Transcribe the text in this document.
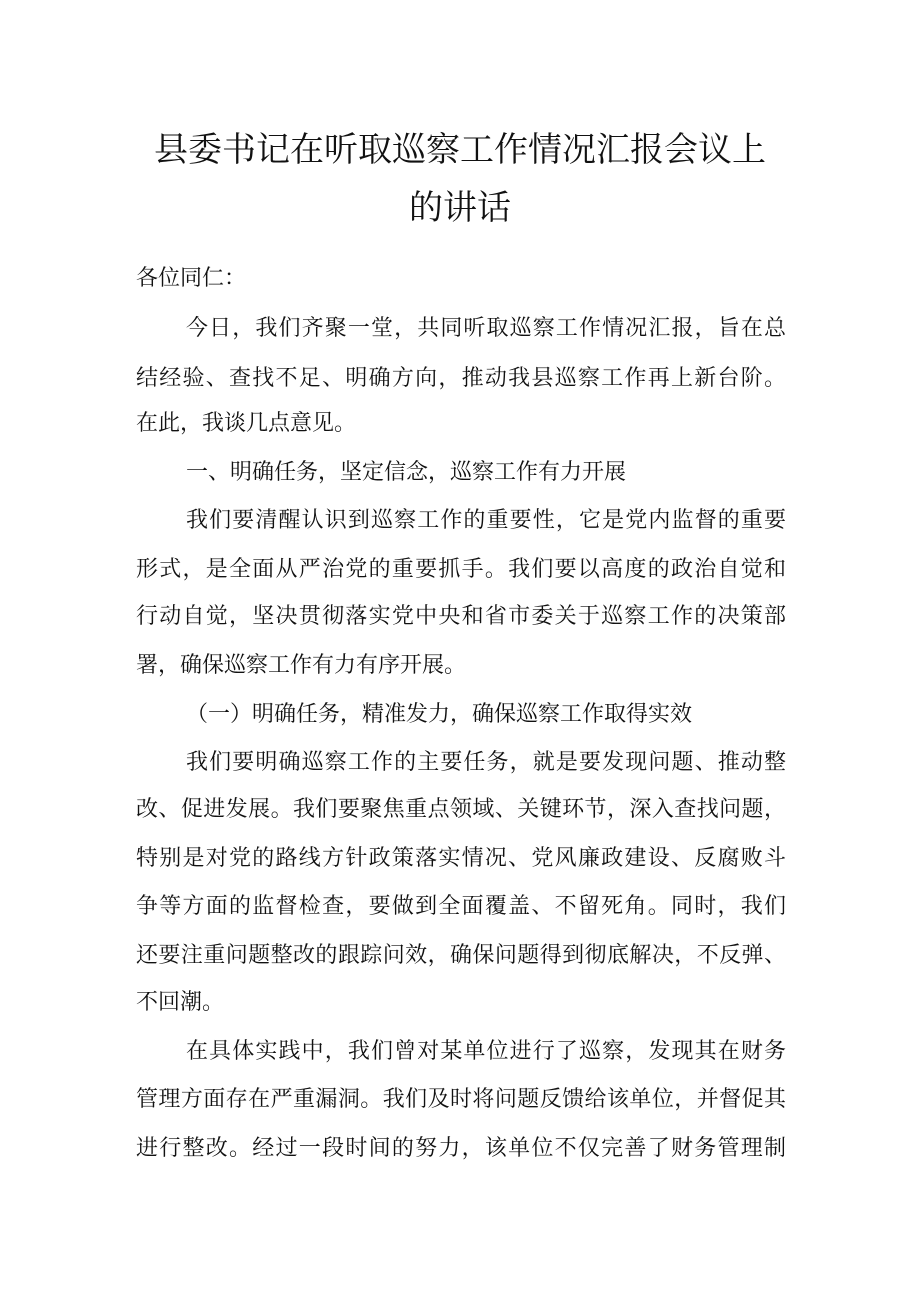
县委书记在听取巡察工作情况汇报会议上
的讲话

各位同仁：

今日，我们齐聚一堂，共同听取巡察工作情况汇报，旨在总

结经验、查找不足、明确方向，推动我县巡察工作再上新台阶。

在此，我谈几点意见。

一、明确任务，坚定信念，巡察工作有力开展

我们要清醒认识到巡察工作的重要性，它是党内监督的重要

形式，是全面从严治党的重要抓手。我们要以高度的政治自觉和

行动自觉，坚决贯彻落实党中央和省市委关于巡察工作的决策部

署，确保巡察工作有力有序开展。

（一）明确任务，精准发力，确保巡察工作取得实效

我们要明确巡察工作的主要任务，就是要发现问题、推动整

改、促进发展。我们要聚焦重点领域、关键环节，深入查找问题，

特别是对党的路线方针政策落实情况、党风廉政建设、反腐败斗

争等方面的监督检查，要做到全面覆盖、不留死角。同时，我们

还要注重问题整改的跟踪问效，确保问题得到彻底解决，不反弹、

不回潮。

在具体实践中，我们曾对某单位进行了巡察，发现其在财务

管理方面存在严重漏洞。我们及时将问题反馈给该单位，并督促其

进行整改。经过一段时间的努力，该单位不仅完善了财务管理制
